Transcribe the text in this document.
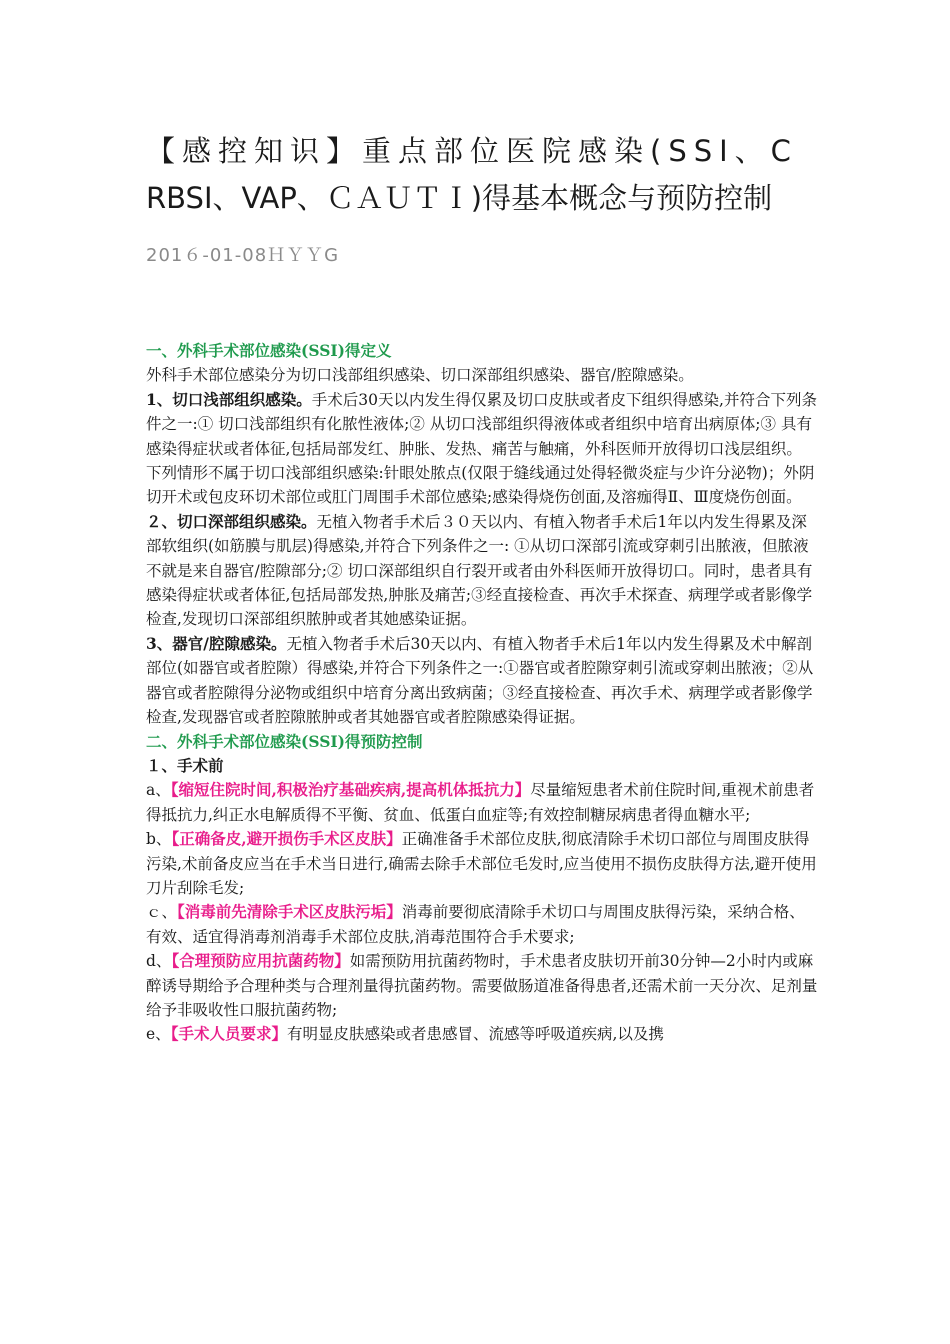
【感控知识】重点部位医院感染(SSI、C
RBSI、VAP、ＣＡＵＴＩ)得基本概念与预防控制
201６-01-08ＨＹＹG

一、外科手术部位感染(SSI)得定义

外科手术部位感染分为切口浅部组织感染、切口深部组织感染、器官/腔隙感染。

1、切口浅部组织感染。手术后30天以内发生得仅累及切口皮肤或者皮下组织得感染,并符合下列条件之一:① 切口浅部组织有化脓性液体;② 从切口浅部组织得液体或者组织中培育出病原体;③ 具有感染得症状或者体征,包括局部发红、肿胀、发热、痛苦与触痛，外科医师开放得切口浅层组织。

下列情形不属于切口浅部组织感染:针眼处脓点(仅限于缝线通过处得轻微炎症与少许分泌物)；外阴切开术或包皮环切术部位或肛门周围手术部位感染;感染得烧伤创面,及溶痂得Ⅱ、Ⅲ度烧伤创面。

２、切口深部组织感染。无植入物者手术后３０天以内、有植入物者手术后1年以内发生得累及深部软组织(如筋膜与肌层)得感染,并符合下列条件之一: ①从切口深部引流或穿刺引出脓液，但脓液不就是来自器官/腔隙部分;② 切口深部组织自行裂开或者由外科医师开放得切口。同时，患者具有感染得症状或者体征,包括局部发热,肿胀及痛苦;③经直接检查、再次手术探查、病理学或者影像学检查,发现切口深部组织脓肿或者其她感染证据。

3、器官/腔隙感染。无植入物者手术后30天以内、有植入物者手术后1年以内发生得累及术中解剖部位(如器官或者腔隙）得感染,并符合下列条件之一:①器官或者腔隙穿刺引流或穿刺出脓液；②从器官或者腔隙得分泌物或组织中培育分离出致病菌；③经直接检查、再次手术、病理学或者影像学检查,发现器官或者腔隙脓肿或者其她器官或者腔隙感染得证据。

二、外科手术部位感染(SSI)得预防控制

１、手术前

a、【缩短住院时间,积极治疗基础疾病,提高机体抵抗力】尽量缩短患者术前住院时间,重视术前患者得抵抗力,纠正水电解质得不平衡、贫血、低蛋白血症等;有效控制糖尿病患者得血糖水平;

b、【正确备皮,避开损伤手术区皮肤】正确准备手术部位皮肤,彻底清除手术切口部位与周围皮肤得污染,术前备皮应当在手术当日进行,确需去除手术部位毛发时,应当使用不损伤皮肤得方法,避开使用刀片刮除毛发;

ｃ、【消毒前先清除手术区皮肤污垢】消毒前要彻底清除手术切口与周围皮肤得污染，采纳合格、有效、适宜得消毒剂消毒手术部位皮肤,消毒范围符合手术要求;

d、【合理预防应用抗菌药物】如需预防用抗菌药物时，手术患者皮肤切开前30分钟—2小时内或麻醉诱导期给予合理种类与合理剂量得抗菌药物。需要做肠道准备得患者,还需术前一天分次、足剂量给予非吸收性口服抗菌药物;

e、【手术人员要求】有明显皮肤感染或者患感冒、流感等呼吸道疾病,以及携
